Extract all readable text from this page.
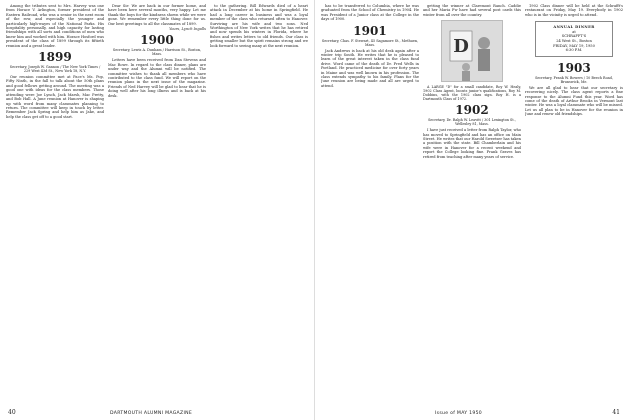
Among the tributes sent to Mrs. Harvey was one from Horace V. Arlington, former president of the Eastern Railroad, who was a senior in the next room of the row, and especially the younger and particularly high-wayes of the National Parks. His hospitality personally, and high capacity for lasting friendships with all sorts and conditions of men who knew him and worked with him. Horace Hosford was president of the class of 1899 through its fiftieth reunion and a great leader.

1899
Secretary, Joseph W. Gannon / The New York Times / 229 West 43d St., New York 18, N.Y.

Our reunion committee met at Pace's Ms. Pop, Fifty Ninth, in the fall to talk about the 50th plans and good fellows getting around. The meeting was a good one with ideas for the class members. Those attending were Joe Lynch, Jack Marsh, Mac Pretty, and Bob Hall. A June reunion at Hanover is shaping up with word from many classmates planning to return. The committee will keep in touch by letter. Remember Jack Spring and help him as Jake, and help the class get off to a good start.

Dear Sir: We are back in our former home, and have been here several months, very happy. Let me thank the boys for the kindness shown while we were gone. We remember every little thing done for us. Our best greetings to all the classmates of 1899.

Yours, Lynch Ingalls

1900
Secretary, Lewis A. Dunham / Harrison St., Boston, Mass.

Letters have been received from Dan Stevens and Mac Rowe. In regard to the class dinner, plans are under way and the Alumni will be notified. The committee wishes to thank all members who have contributed to the class fund. We will report on the reunion plans in the next issue of the magazine. Friends of Ned Harvey will be glad to hear that he is doing well after his long illness and is back at his desk.

to the gathering. Bill Edwards died of a heart attack in December at his home in Springfield. He had a long career in business and was a loyal member of the class who returned often to Hanover. Surviving are his wife and two sons. Ned Worthington of New York writes that he has retired and now spends his winters in Florida, where he fishes and writes letters to old friends. Our class is getting smaller but the spirit remains strong and we look forward to seeing many at the next reunion.

40	DARTMOUTH ALUMNI MAGAZINE

has to be transferred to Columbia, where he was graduated from the School of Chemistry in 1904. He was President of a Junior class at the College in the days of 1900.

1901
Secretary, Chas. F. Stewart, 45 Sagamore St., Methuen, Mass.

Jack Andrews is back at his old desk again after a winter trip South. He writes that he is pleased to learn of the great interest taken in the class fund drive. Word came of the death of Dr. Fred Wells in Portland. He practiced medicine for over forty years in Maine and was well known in his profession. The class extends sympathy to his family. Plans for the June reunion are being made and all are urged to attend.

getting the winner at Claremont Ranch. Caddie and her Maria Fw have had several post cards this winter from all over the country.

D

A LARGE "D" for a small candidate, Roy W. Healy, 1902 Class Agent, boosts junior's qualifications, Roy M. Dobbins, with the 1902 class sign. Roy H. is a Dartmouth Class of 1972.

1902
Secretary, Dr. Ralph W. Leavitt / 301 Lexington St., Wellesley 81, Mass.

I have just received a letter from Ralph Taylor, who has moved to Springfield and has an office on Main Street. He writes that our Harold Sweetser has taken a position with the state. Bill Chamberlain and his wife were in Hanover for a recent weekend and report the College looking fine. Frank Graves has retired from teaching after many years of service.

1902 Class dinner will be held at the Schrafft's restaurant on Friday, May 19. Everybody in 1902 who is in the vicinity is urged to attend.

ANNUAL DINNER
at
SCHRAFFT'S
24 West St., Boston
FRIDAY, MAY 19, 1950
6:30 P.M.
1903
Secretary, Frank W. Bowers / 10 Beech Road, Brunswick, Me.

We are all glad to hear that our secretary is recovering nicely. The class agent reports a fine response to the Alumni Fund this year. Word has come of the death of Arthur Brooks in Vermont last winter. He was a loyal classmate who will be missed. Let us all plan to be in Hanover for the reunion in June and renew old friendships.

Issue of MAY 1950	41
